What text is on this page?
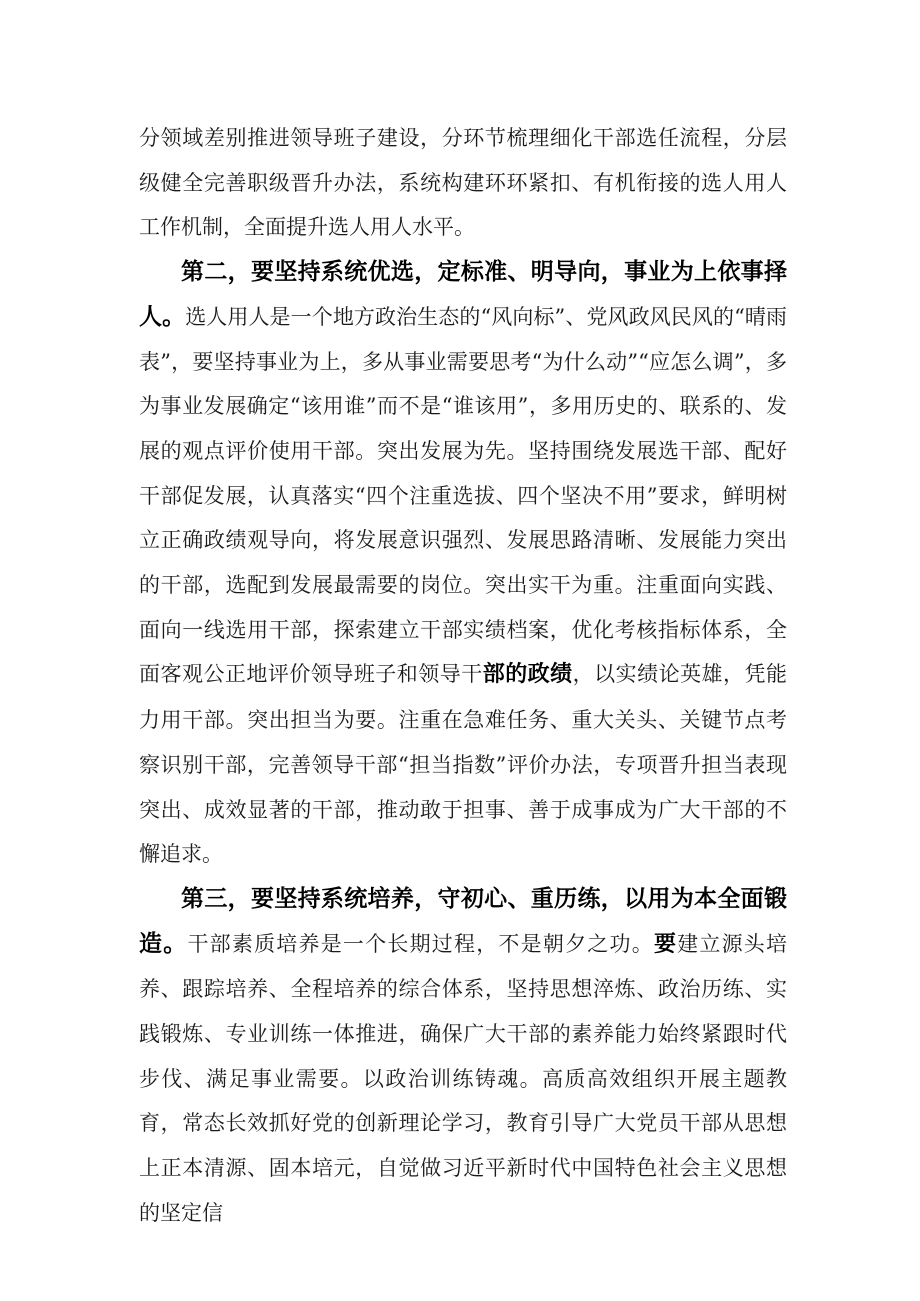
分领域差别推进领导班子建设，分环节梳理细化干部选任流程，分层级健全完善职级晋升办法，系统构建环环紧扣、有机衔接的选人用人工作机制，全面提升选人用人水平。

第二，要坚持系统优选，定标准、明导向，事业为上依事择人。选人用人是一个地方政治生态的“风向标”、党风政风民风的“晴雨表”，要坚持事业为上，多从事业需要思考“为什么动”“应怎么调”，多为事业发展确定“该用谁”而不是“谁该用”，多用历史的、联系的、发展的观点评价使用干部。突出发展为先。坚持围绕发展选干部、配好干部促发展，认真落实“四个注重选拔、四个坚决不用”要求，鲜明树立正确政绩观导向，将发展意识强烈、发展思路清晰、发展能力突出的干部，选配到发展最需要的岗位。突出实干为重。注重面向实践、面向一线选用干部，探索建立干部实绩档案，优化考核指标体系，全面客观公正地评价领导班子和领导干部的政绩，以实绩论英雄，凭能力用干部。突出担当为要。注重在急难任务、重大关头、关键节点考察识别干部，完善领导干部“担当指数”评价办法，专项晋升担当表现突出、成效显著的干部，推动敢于担事、善于成事成为广大干部的不懈追求。

第三，要坚持系统培养，守初心、重历练，以用为本全面锻造。干部素质培养是一个长期过程，不是朝夕之功。要建立源头培养、跟踪培养、全程培养的综合体系，坚持思想淬炼、政治历练、实践锻炼、专业训练一体推进，确保广大干部的素养能力始终紧跟时代步伐、满足事业需要。以政治训练铸魂。高质高效组织开展主题教育，常态长效抓好党的创新理论学习，教育引导广大党员干部从思想上正本清源、固本培元，自觉做习近平新时代中国特色社会主义思想的坚定信
